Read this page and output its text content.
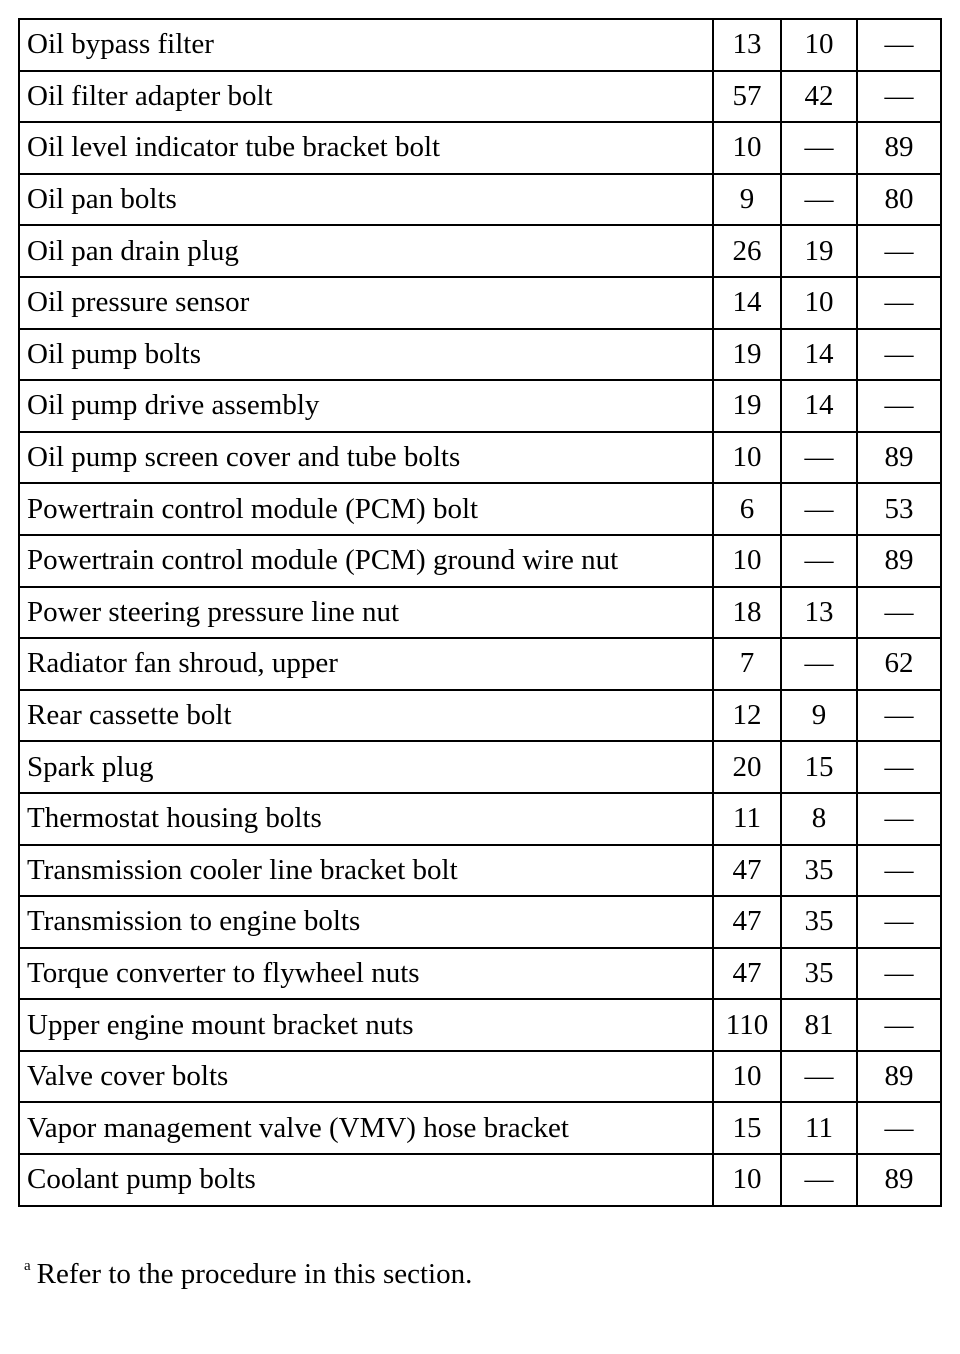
Oil bypass filter	13	10	—
Oil filter adapter bolt	57	42	—
Oil level indicator tube bracket bolt	10	—	89
Oil pan bolts	9	—	80
Oil pan drain plug	26	19	—
Oil pressure sensor	14	10	—
Oil pump bolts	19	14	—
Oil pump drive assembly	19	14	—
Oil pump screen cover and tube bolts	10	—	89
Powertrain control module (PCM) bolt	6	—	53
Powertrain control module (PCM) ground wire nut	10	—	89
Power steering pressure line nut	18	13	—
Radiator fan shroud, upper	7	—	62
Rear cassette bolt	12	9	—
Spark plug	20	15	—
Thermostat housing bolts	11	8	—
Transmission cooler line bracket bolt	47	35	—
Transmission to engine bolts	47	35	—
Torque converter to flywheel nuts	47	35	—
Upper engine mount bracket nuts	110	81	—
Valve cover bolts	10	—	89
Vapor management valve (VMV) hose bracket	15	11	—
Coolant pump bolts	10	—	89
$^a$ Refer to the procedure in this section.
